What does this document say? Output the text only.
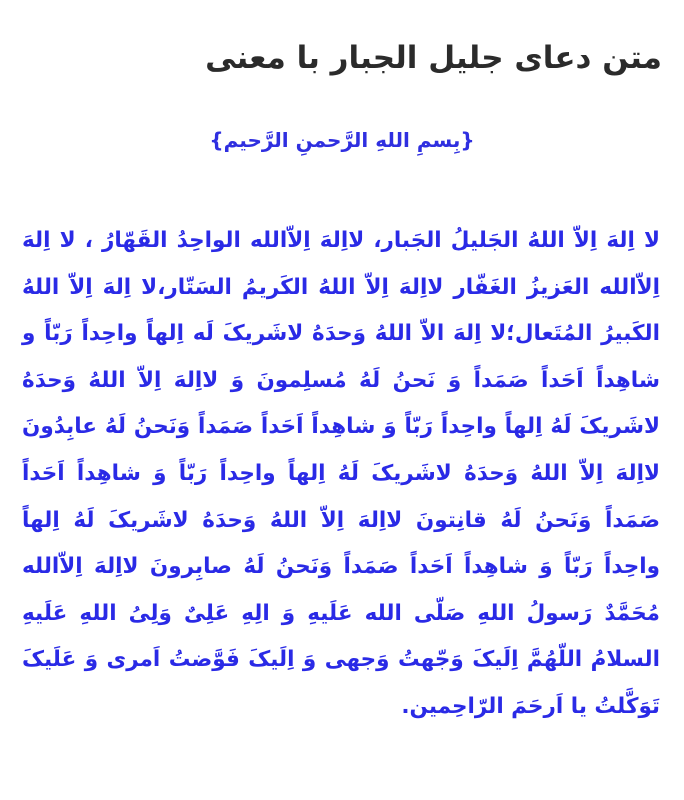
متن دعای جلیل الجبار با معنی
{بِسمِ اللهِ الرَّحمنِ الرَّحیم}

لا اِلهَ اِلاّ اللهُ الجَلیلُ الجَبار، لااِلهَ اِلاّالله الواحِدُ القَهّارُ ، لا اِلهَ اِلاّالله العَزیزُ الغَفّار لااِلهَ اِلاّ اللهُ الکَریمُ السَتّار،لا اِلهَ اِلاّ اللهُ الکَبیرُ المُتَعال؛لا اِلهَ الاّ اللهُ وَحدَهُ لاشَریکَ لَه اِلهاً واحِداً رَبّاً و شاهِداً اَحَداً صَمَداً وَ نَحنُ لَهُ مُسلِمونَ وَ لااِلهَ اِلاّ اللهُ وَحدَهُ لاشَریکَ لَهُ اِلهاً واحِداً رَبّاً وَ شاهِداً اَحَداً صَمَداً وَنَحنُ لَهُ عابِدُونَ لااِلهَ اِلاّ اللهُ وَحدَهُ لاشَریکَ لَهُ اِلهاً واحِداً رَبّاً وَ شاهِداً اَحَداً صَمَداً وَنَحنُ لَهُ قانِتونَ لااِلهَ اِلاّ اللهُ وَحدَهُ لاشَریکَ لَهُ اِلهاً واحِداً رَبّاً وَ شاهِداً اَحَداً صَمَداً وَنَحنُ لَهُ صابِرونَ لااِلهَ اِلاّالله مُحَمَّدٌ رَسولُ اللهِ صَلّی الله عَلَیهِ وَ الِهِ عَلِیٌ وَلِیُ اللهِ عَلَیهِ السلامُ اللّهُمَّ اِلَیکَ وَجّهتُ وَجهی وَ اِلَیکَ فَوَّضتُ اَمری وَ عَلَیکَ تَوَکَّلتُ یا اَرحَمَ الرّاحِمین.
